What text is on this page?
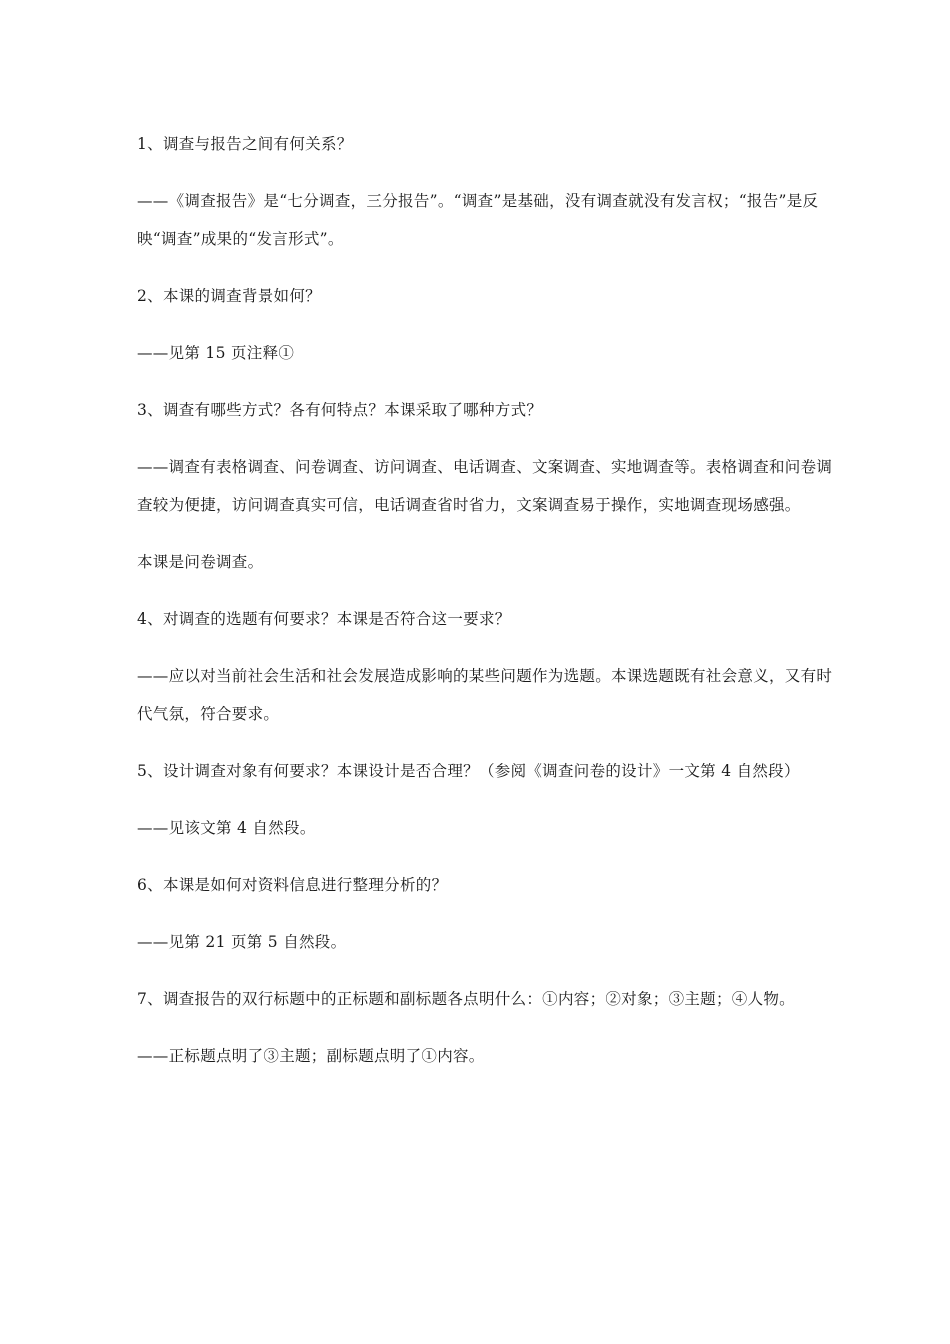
1、调查与报告之间有何关系？

——《调查报告》是“七分调查，三分报告”。“调查”是基础，没有调查就没有发言权；“报告”是反映“调查”成果的“发言形式”。

2、本课的调查背景如何？

——见第 15 页注释①

3、调查有哪些方式？各有何特点？本课采取了哪种方式？

——调查有表格调查、问卷调查、访问调查、电话调查、文案调查、实地调查等。表格调查和问卷调查较为便捷，访问调查真实可信，电话调查省时省力，文案调查易于操作，实地调查现场感强。

本课是问卷调查。

4、对调查的选题有何要求？本课是否符合这一要求？

——应以对当前社会生活和社会发展造成影响的某些问题作为选题。本课选题既有社会意义，又有时代气氛，符合要求。

5、设计调查对象有何要求？本课设计是否合理？（参阅《调查问卷的设计》一文第 4 自然段）

——见该文第 4 自然段。

6、本课是如何对资料信息进行整理分析的？

——见第 21 页第 5 自然段。

7、调查报告的双行标题中的正标题和副标题各点明什么：①内容；②对象；③主题；④人物。

——正标题点明了③主题；副标题点明了①内容。
